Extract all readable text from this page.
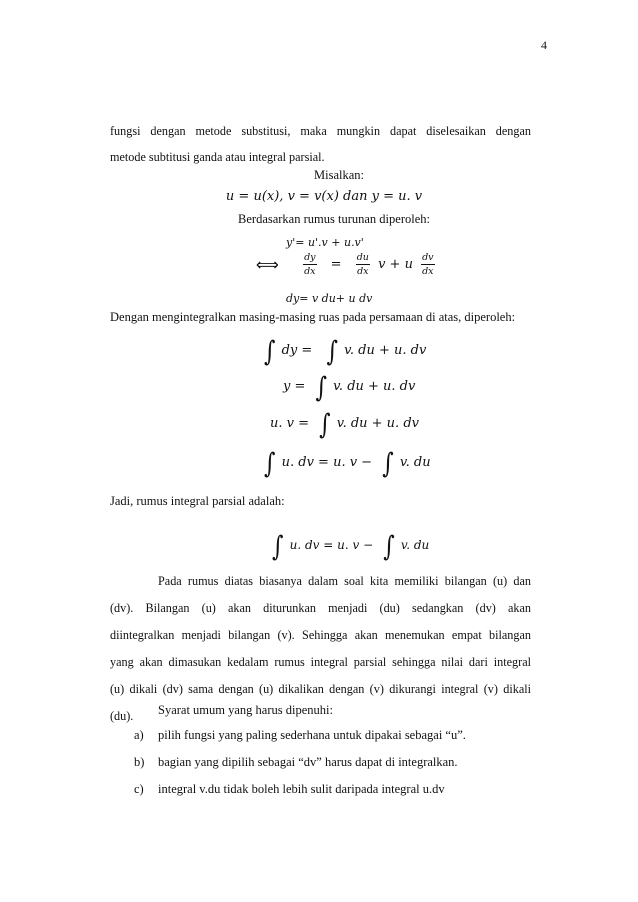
4
fungsi dengan metode substitusi, maka mungkin dapat diselesaikan dengan
metode subtitusi ganda atau integral parsial.
Misalkan:
u = u(x), v = v(x) dan y = u. v
Berdasarkan rumus turunan diperoleh:
y'= u'.v + u.v'
⟺	$\frac{dy}{dx} = \frac{du}{dx}$ v + u $\frac{dv}{dx}$
dy= v du+ u dv
Dengan mengintegralkan masing-masing ruas pada persamaan di atas, diperoleh:
∫ dy = ∫ v. du + u. dv
y = ∫ v. du + u. dv
u. v = ∫ v. du + u. dv
∫ u. dv = u. v − ∫ v. du
Jadi, rumus integral parsial adalah:
∫ u. dv = u. v − ∫ v. du
Pada rumus diatas biasanya dalam soal kita memiliki bilangan (u) dan
(dv). Bilangan (u) akan diturunkan menjadi (du) sedangkan (dv) akan
diintegralkan menjadi bilangan (v). Sehingga akan menemukan empat bilangan
yang akan dimasukan kedalam rumus integral parsial sehingga nilai dari integral
(u) dikali (dv) sama dengan (u) dikalikan dengan (v) dikurangi integral (v) dikali
(du).	Syarat umum yang harus dipenuhi:
a) pilih fungsi yang paling sederhana untuk dipakai sebagai “u”.
b) bagian yang dipilih sebagai “dv” harus dapat di integralkan.
c) integral v.du tidak boleh lebih sulit daripada integral u.dv
